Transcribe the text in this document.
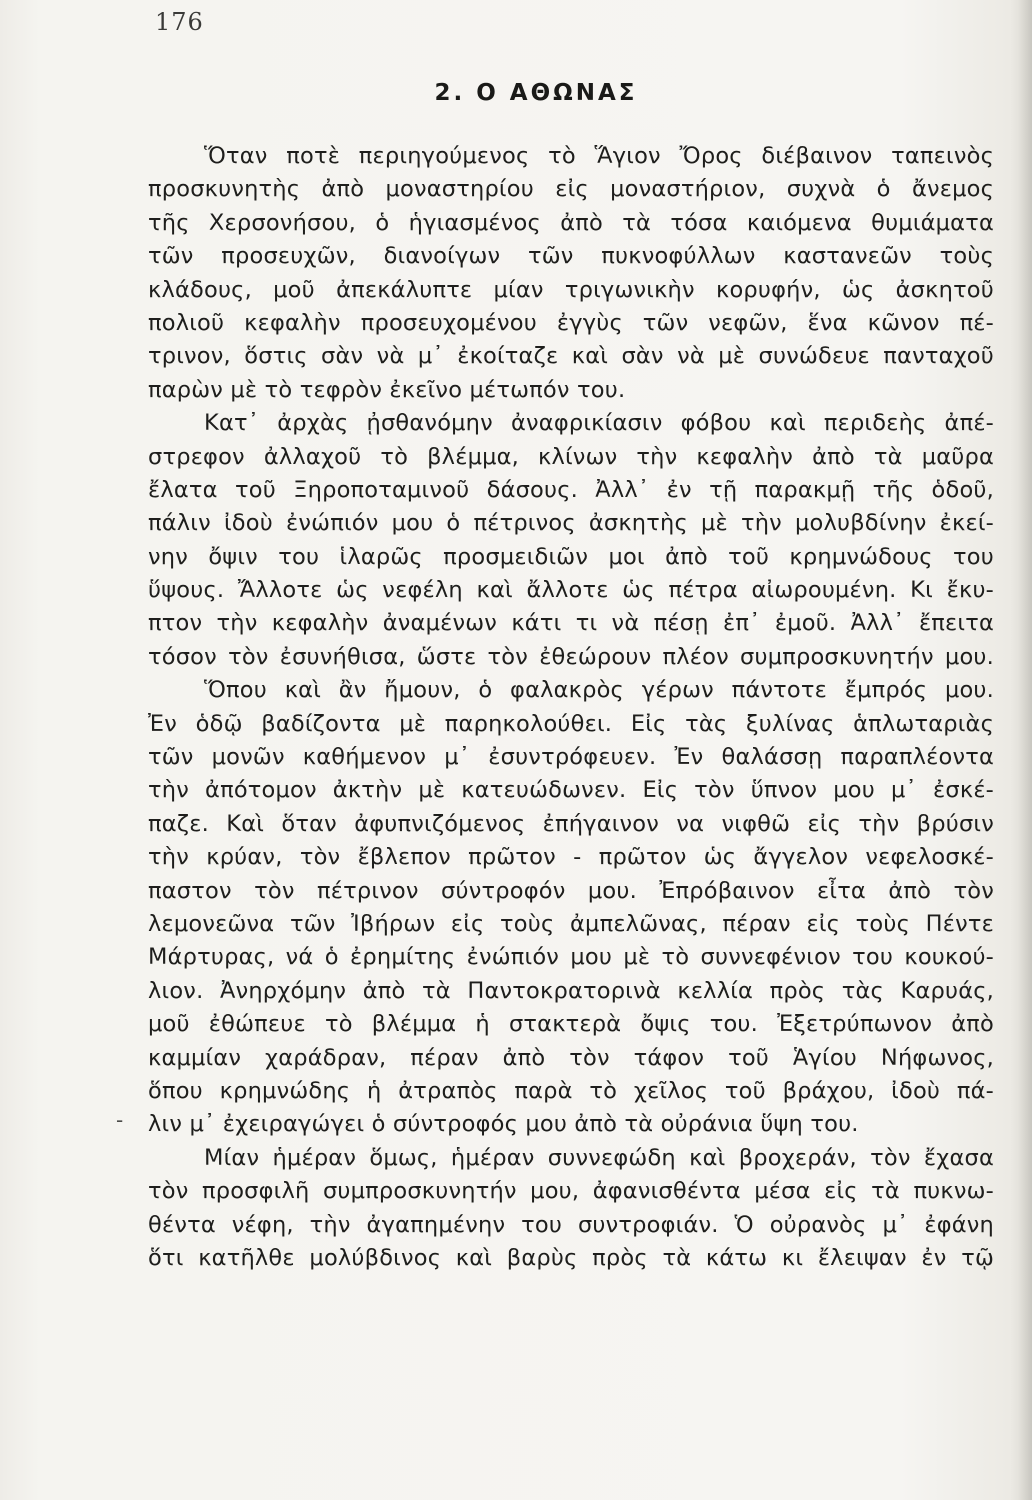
176
2. Ο ΑΘΩΝΑΣ
-
Ὅταν ποτὲ περιηγούμενος τὸ Ἅγιον Ὄρος διέβαινον ταπεινὸς
προσκυνητὴς ἀπὸ μοναστηρίου εἰς μοναστήριον, συχνὰ ὁ ἄνεμος
τῆς Χερσονήσου, ὁ ἡγιασμένος ἀπὸ τὰ τόσα καιόμενα θυμιάματα
τῶν προσευχῶν, διανοίγων τῶν πυκνοφύλλων καστανεῶν τοὺς
κλάδους, μοῦ ἀπεκάλυπτε μίαν τριγωνικὴν κορυφήν, ὡς ἀσκητοῦ
πολιοῦ κεφαλὴν προσευχομένου ἐγγὺς τῶν νεφῶν, ἕνα κῶνον πέ-
τρινον, ὅστις σὰν νὰ μ᾿ ἐκοίταζε καὶ σὰν νὰ μὲ συνώδευε πανταχοῦ
παρὼν μὲ τὸ τεφρὸν ἐκεῖνο μέτωπόν του.
Κατ᾿ ἀρχὰς ᾐσθανόμην ἀναφρικίασιν φόβου καὶ περιδεὴς ἀπέ-
στρεφον ἀλλαχοῦ τὸ βλέμμα, κλίνων τὴν κεφαλὴν ἀπὸ τὰ μαῦρα
ἔλατα τοῦ Ξηροποταμινοῦ δάσους. Ἀλλ᾿ ἐν τῇ παρακμῇ τῆς ὁδοῦ,
πάλιν ἰδοὺ ἐνώπιόν μου ὁ πέτρινος ἀσκητὴς μὲ τὴν μολυβδίνην ἐκεί-
νην ὄψιν του ἱλαρῶς προσμειδιῶν μοι ἀπὸ τοῦ κρημνώδους του
ὕψους. Ἄλλοτε ὡς νεφέλη καὶ ἄλλοτε ὡς πέτρα αἰωρουμένη. Κι ἔκυ-
πτον τὴν κεφαλὴν ἀναμένων κάτι τι νὰ πέσῃ ἐπ᾿ ἐμοῦ. Ἀλλ᾿ ἔπειτα
τόσον τὸν ἐσυνήθισα, ὥστε τὸν ἐθεώρουν πλέον συμπροσκυνητήν μου.
Ὅπου καὶ ἂν ἤμουν, ὁ φαλακρὸς γέρων πάντοτε ἔμπρός μου.
Ἐν ὁδῷ βαδίζοντα μὲ παρηκολούθει. Εἰς τὰς ξυλίνας ἁπλωταριὰς
τῶν μονῶν καθήμενον μ᾿ ἐσυντρόφευεν. Ἐν θαλάσσῃ παραπλέοντα
τὴν ἀπότομον ἀκτὴν μὲ κατευώδωνεν. Εἰς τὸν ὕπνον μου μ᾿ ἐσκέ-
παζε. Καὶ ὅταν ἀφυπνιζόμενος ἐπήγαινον να νιφθῶ εἰς τὴν βρύσιν
τὴν κρύαν, τὸν ἔβλεπον πρῶτον - πρῶτον ὡς ἄγγελον νεφελοσκέ-
παστον τὸν πέτρινον σύντροφόν μου. Ἐπρόβαινον εἶτα ἀπὸ τὸν
λεμονεῶνα τῶν Ἰβήρων εἰς τοὺς ἀμπελῶνας, πέραν εἰς τοὺς Πέντε
Μάρτυρας, νά ὁ ἐρημίτης ἐνώπιόν μου μὲ τὸ συννεφένιον του κουκού-
λιον. Ἀνηρχόμην ἀπὸ τὰ Παντοκρατορινὰ κελλία πρὸς τὰς Καρυάς,
μοῦ ἐθώπευε τὸ βλέμμα ἡ στακτερὰ ὄψις του. Ἐξετρύπωνον ἀπὸ
καμμίαν χαράδραν, πέραν ἀπὸ τὸν τάφον τοῦ Ἁγίου Νήφωνος,
ὅπου κρημνώδης ἡ ἀτραπὸς παρὰ τὸ χεῖλος τοῦ βράχου, ἰδοὺ πά-
λιν μ᾿ ἐχειραγώγει ὁ σύντροφός μου ἀπὸ τὰ οὐράνια ὕψη του.
Μίαν ἡμέραν ὅμως, ἡμέραν συννεφώδη καὶ βροχεράν, τὸν ἔχασα
τὸν προσφιλῆ συμπροσκυνητήν μου, ἀφανισθέντα μέσα εἰς τὰ πυκνω-
θέντα νέφη, τὴν ἀγαπημένην του συντροφιάν. Ὁ οὐρανὸς μ᾿ ἐφάνη
ὅτι κατῆλθε μολύβδινος καὶ βαρὺς πρὸς τὰ κάτω κι ἔλειψαν ἐν τῷ
